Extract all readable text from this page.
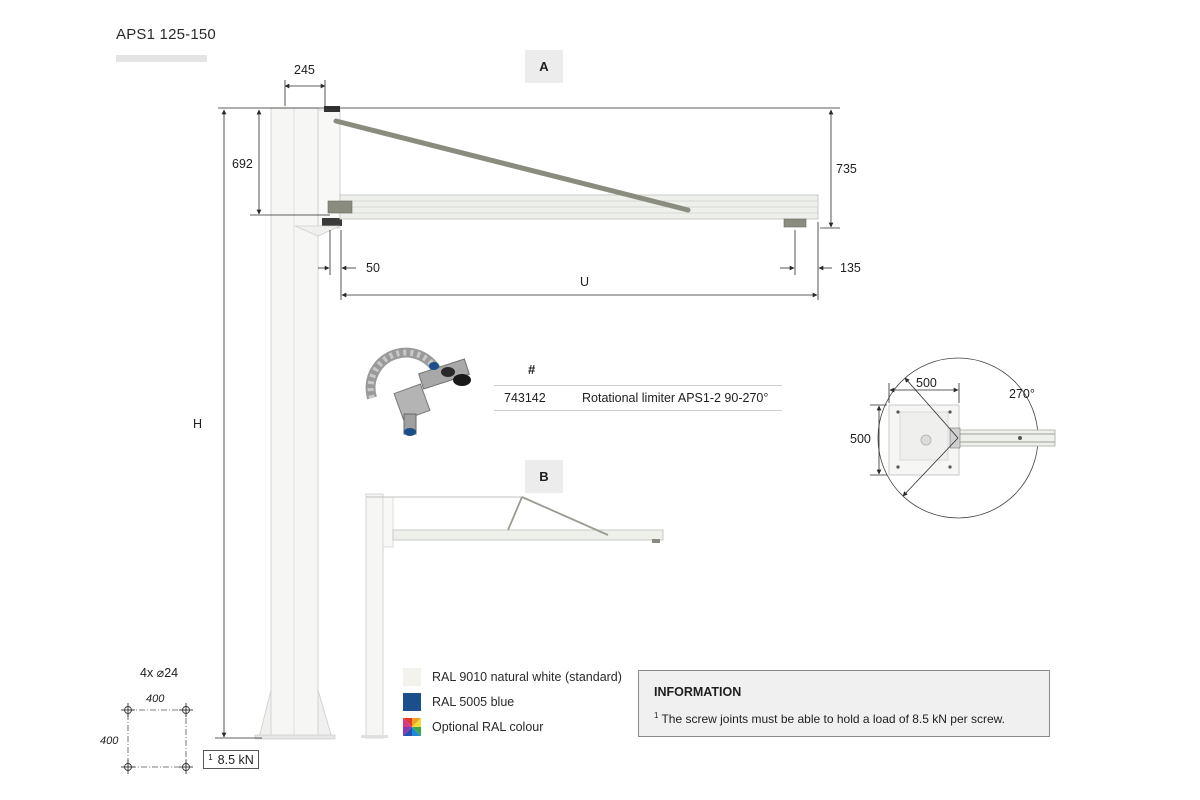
APS1 125-150
A
B
245
692	735
50	135
U
H
500
500
270°
#
743142	Rotational limiter APS1-2 90-270°
RAL 9010 natural white (standard)
RAL 5005 blue
Optional RAL colour
4x ⌀24
400
400
$^1$ 8.5 kN
INFORMATION
$^1$ The screw joints must be able to hold a load of 8.5 kN per screw.
